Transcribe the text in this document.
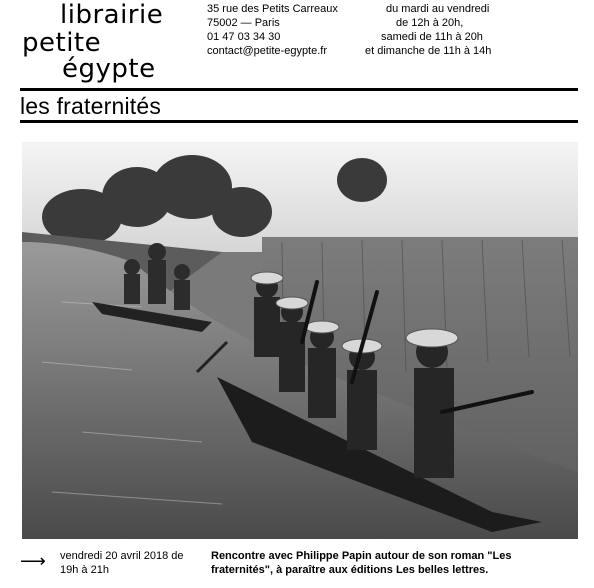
librairie
petite
égypte
35 rue des Petits Carreaux
75002 — Paris
01 47 03 34 30
contact@petite-egypte.fr
du mardi au vendredi
de 12h à 20h,
samedi de 11h à 20h
et dimanche de 11h à 14h
les fraternités
⟶ vendredi 20 avril 2018 de 19h à 21h
Rencontre avec Philippe Papin autour de son roman "Les fraternités", à paraître aux éditions Les belles lettres.
